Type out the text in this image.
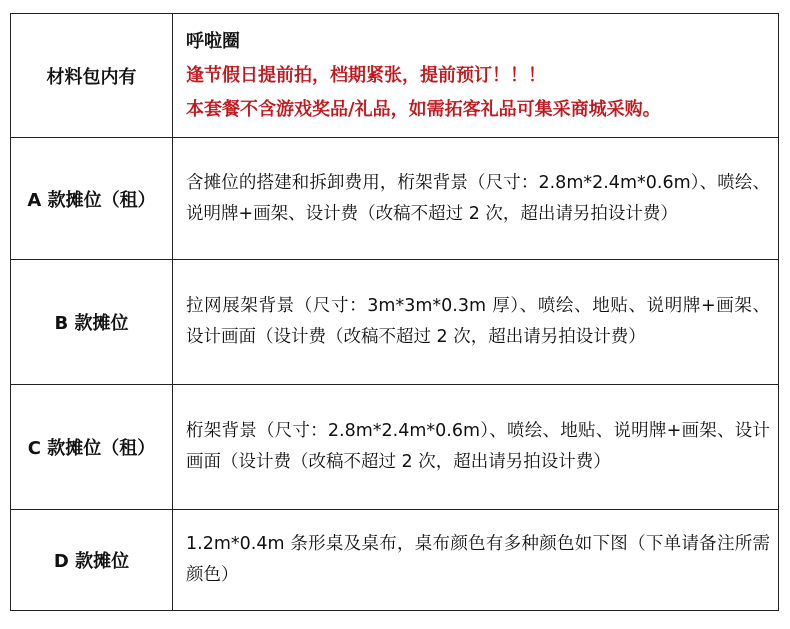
材料包内有	呼啦圈
逢节假日提前拍，档期紧张，提前预订！！！
本套餐不含游戏奖品/礼品，如需拓客礼品可集采商城采购。

A 款摊位（租）	含摊位的搭建和拆卸费用，桁架背景（尺寸：2.8m*2.4m*0.6m）、喷绘、说明牌+画架、设计费（改稿不超过 2 次，超出请另拍设计费）

B 款摊位	拉网展架背景（尺寸：3m*3m*0.3m 厚）、喷绘、地贴、说明牌+画架、设计画面（设计费（改稿不超过 2 次，超出请另拍设计费）

C 款摊位（租）	桁架背景（尺寸：2.8m*2.4m*0.6m）、喷绘、地贴、说明牌+画架、设计画面（设计费（改稿不超过 2 次，超出请另拍设计费）

D 款摊位	1.2m*0.4m 条形桌及桌布，桌布颜色有多种颜色如下图（下单请备注所需颜色）
